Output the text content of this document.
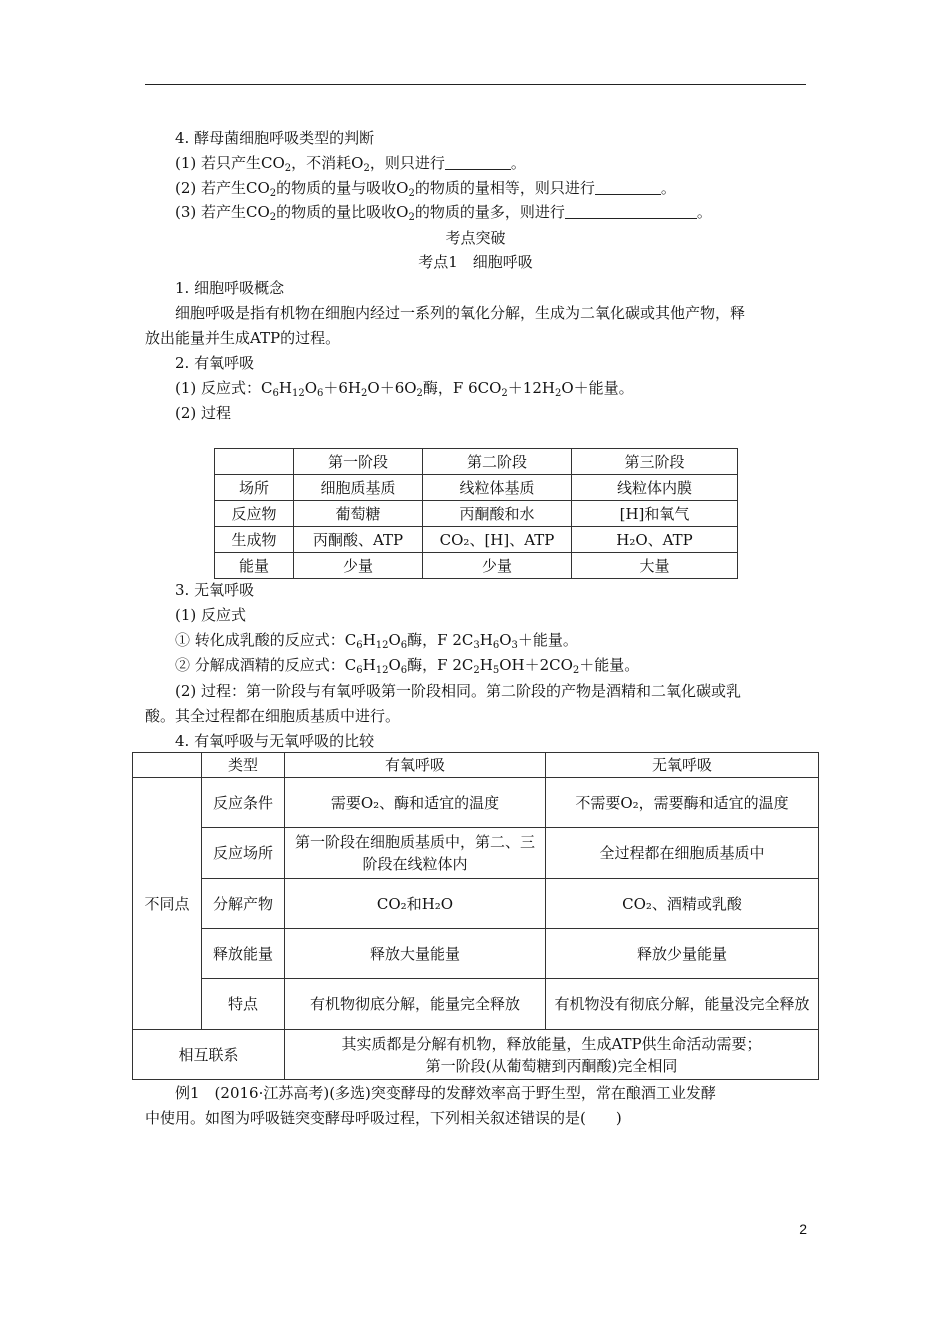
4. 酵母菌细胞呼吸类型的判断
(1) 若只产生$CO_2$，不消耗$O_2$，则只进行	。
(2) 若产生$CO_2$的物质的量与吸收$O_2$的物质的量相等，则只进行	。
(3) 若产生$CO_2$的物质的量比吸收$O_2$的物质的量多，则进行	。
考点突破
考点1　细胞呼吸
1. 细胞呼吸概念
细胞呼吸是指有机物在细胞内经过一系列的氧化分解，生成为二氧化碳或其他产物，释
放出能量并生成ATP的过程。
2. 有氧呼吸
(1) 反应式：$C_6H_{12}O_6+6H_2O+6O_2$酶，F $6CO_2+12H_2O+$能量。
(2) 过程
	第一阶段	第二阶段	第三阶段
场所	细胞质基质	线粒体基质	线粒体内膜
反应物	葡萄糖	丙酮酸和水	[H]和氧气
生成物	丙酮酸、ATP	CO₂、[H]、ATP	H₂O、ATP
能量	少量	少量	大量
3. 无氧呼吸
(1) 反应式
① 转化成乳酸的反应式：$C_6H_{12}O_6$酶，F $2C_3H_6O_3+$能量。
② 分解成酒精的反应式：$C_6H_{12}O_6$酶，F $2C_2H_5OH+2CO_2+$能量。
(2) 过程：第一阶段与有氧呼吸第一阶段相同。第二阶段的产物是酒精和二氧化碳或乳
酸。其全过程都在细胞质基质中进行。
4. 有氧呼吸与无氧呼吸的比较
	类型	有氧呼吸	无氧呼吸
不同点	反应条件	需要O₂、酶和适宜的温度	不需要O₂，需要酶和适宜的温度
	反应场所	第一阶段在细胞质基质中，第二、三阶段在线粒体内	全过程都在细胞质基质中
	分解产物	CO₂和H₂O	CO₂、酒精或乳酸
	释放能量	释放大量能量	释放少量能量
	特点	有机物彻底分解，能量完全释放	有机物没有彻底分解，能量没完全释放
相互联系		其实质都是分解有机物，释放能量，生成ATP供生命活动需要；
第一阶段(从葡萄糖到丙酮酸)完全相同	
例1　(2016·江苏高考)(多选)突变酵母的发酵效率高于野生型，常在酿酒工业发酵
中使用。如图为呼吸链突变酵母呼吸过程，下列相关叙述错误的是(　　)
2
